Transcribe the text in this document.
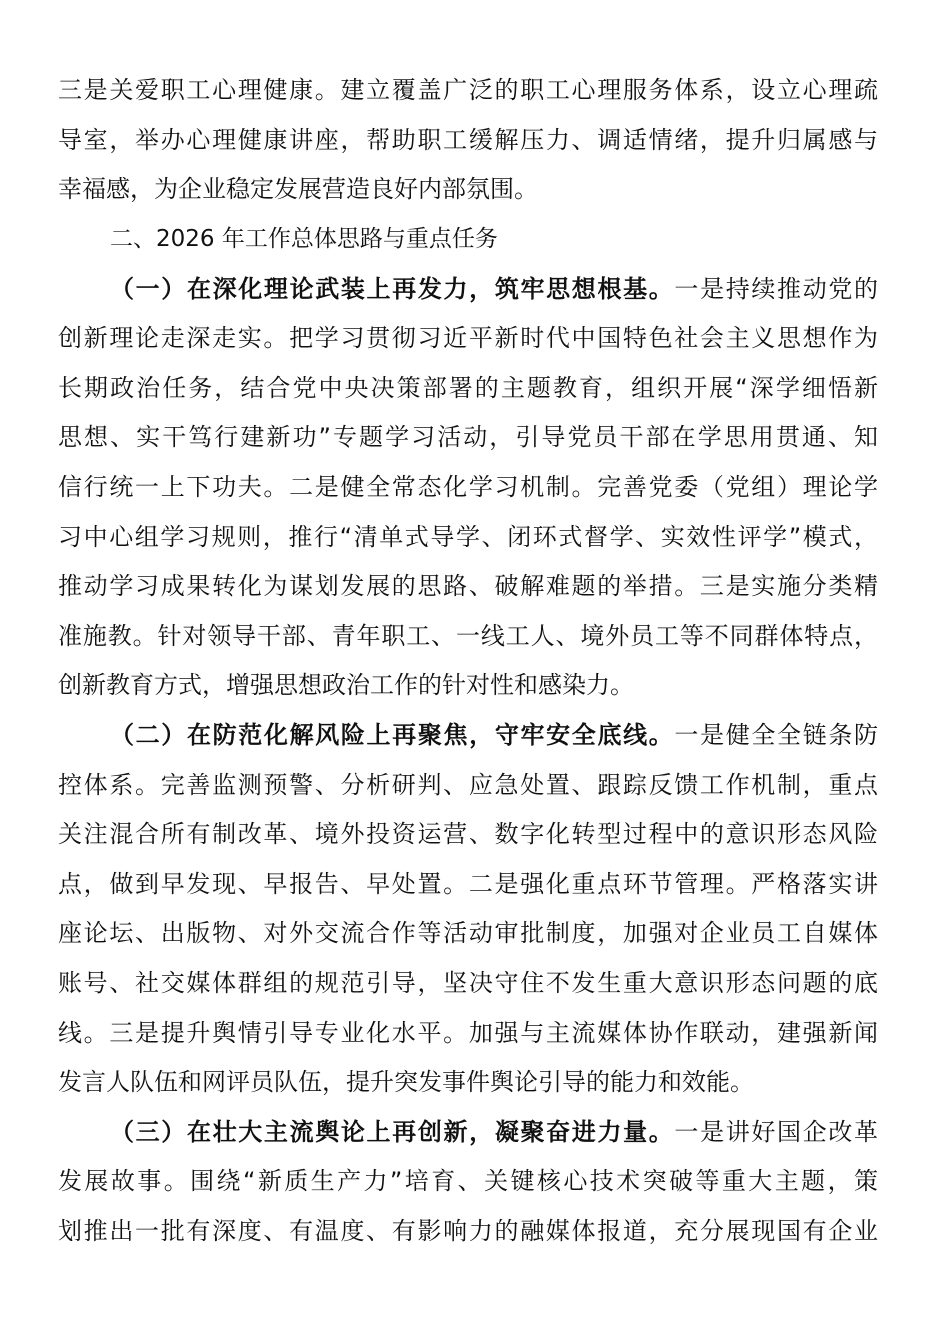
三是关爱职工心理健康。建立覆盖广泛的职工心理服务体系，设立心理疏
导室，举办心理健康讲座，帮助职工缓解压力、调适情绪，提升归属感与
幸福感，为企业稳定发展营造良好内部氛围。
二、2026 年工作总体思路与重点任务
（一）在深化理论武装上再发力，筑牢思想根基。一是持续推动党的
创新理论走深走实。把学习贯彻习近平新时代中国特色社会主义思想作为
长期政治任务，结合党中央决策部署的主题教育，组织开展“深学细悟新
思想、实干笃行建新功”专题学习活动，引导党员干部在学思用贯通、知
信行统一上下功夫。二是健全常态化学习机制。完善党委（党组）理论学
习中心组学习规则，推行“清单式导学、闭环式督学、实效性评学”模式，
推动学习成果转化为谋划发展的思路、破解难题的举措。三是实施分类精
准施教。针对领导干部、青年职工、一线工人、境外员工等不同群体特点，
创新教育方式，增强思想政治工作的针对性和感染力。
（二）在防范化解风险上再聚焦，守牢安全底线。一是健全全链条防
控体系。完善监测预警、分析研判、应急处置、跟踪反馈工作机制，重点
关注混合所有制改革、境外投资运营、数字化转型过程中的意识形态风险
点，做到早发现、早报告、早处置。二是强化重点环节管理。严格落实讲
座论坛、出版物、对外交流合作等活动审批制度，加强对企业员工自媒体
账号、社交媒体群组的规范引导，坚决守住不发生重大意识形态问题的底
线。三是提升舆情引导专业化水平。加强与主流媒体协作联动，建强新闻
发言人队伍和网评员队伍，提升突发事件舆论引导的能力和效能。
（三）在壮大主流舆论上再创新，凝聚奋进力量。一是讲好国企改革
发展故事。围绕“新质生产力”培育、关键核心技术突破等重大主题，策
划推出一批有深度、有温度、有影响力的融媒体报道，充分展现国有企业
